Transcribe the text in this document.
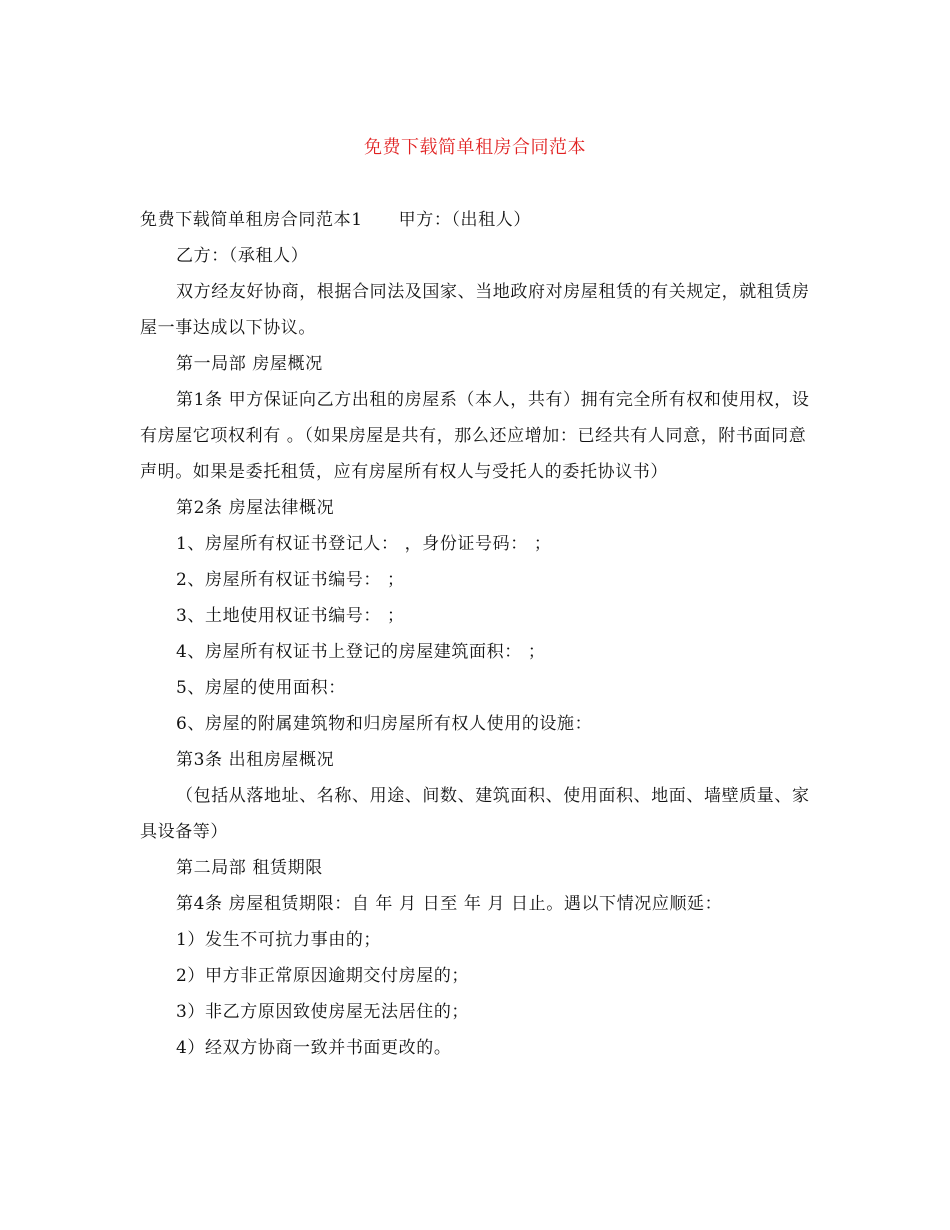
免费下载简单租房合同范本

免费下载简单租房合同范本1 甲方：（出租人）

乙方：（承租人）

双方经友好协商，根据合同法及国家、当地政府对房屋租赁的有关规定，就租赁房屋一事达成以下协议。

第一局部 房屋概况

第1条 甲方保证向乙方出租的房屋系（本人，共有）拥有完全所有权和使用权，设有房屋它项权利有 。（如果房屋是共有，那么还应增加：已经共有人同意，附书面同意声明。如果是委托租赁，应有房屋所有权人与受托人的委托协议书）

第2条 房屋法律概况

1、房屋所有权证书登记人： ，身份证号码： ；

2、房屋所有权证书编号： ；

3、土地使用权证书编号： ；

4、房屋所有权证书上登记的房屋建筑面积： ；

5、房屋的使用面积：

6、房屋的附属建筑物和归房屋所有权人使用的设施：

第3条 出租房屋概况

（包括从落地址、名称、用途、间数、建筑面积、使用面积、地面、墙壁质量、家具设备等）

第二局部 租赁期限

第4条 房屋租赁期限：自 年 月 日至 年 月 日止。遇以下情况应顺延：

1）发生不可抗力事由的；

2）甲方非正常原因逾期交付房屋的；

3）非乙方原因致使房屋无法居住的；

4）经双方协商一致并书面更改的。
